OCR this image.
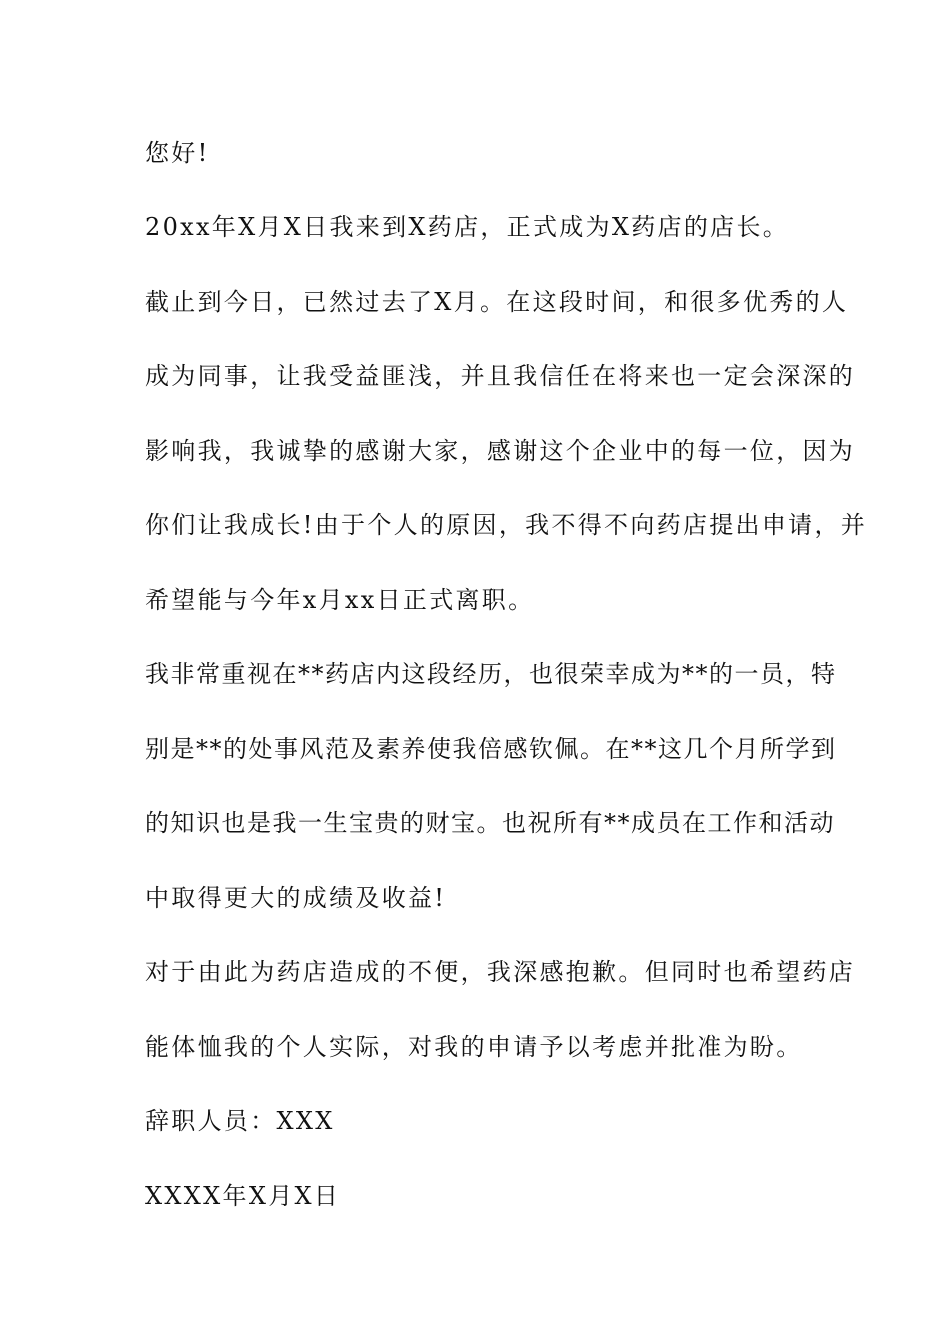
您好!
20xx年X月X日我来到X药店，正式成为X药店的店长。
截止到今日，已然过去了X月。在这段时间，和很多优秀的人
成为同事，让我受益匪浅，并且我信任在将来也一定会深深的
影响我，我诚挚的感谢大家，感谢这个企业中的每一位，因为
你们让我成长!由于个人的原因，我不得不向药店提出申请，并
希望能与今年x月xx日正式离职。
我非常重视在**药店内这段经历，也很荣幸成为**的一员，特
别是**的处事风范及素养使我倍感钦佩。在**这几个月所学到
的知识也是我一生宝贵的财宝。也祝所有**成员在工作和活动
中取得更大的成绩及收益!
对于由此为药店造成的不便，我深感抱歉。但同时也希望药店
能体恤我的个人实际，对我的申请予以考虑并批准为盼。
辞职人员：XXX
XXXX年X月X日
